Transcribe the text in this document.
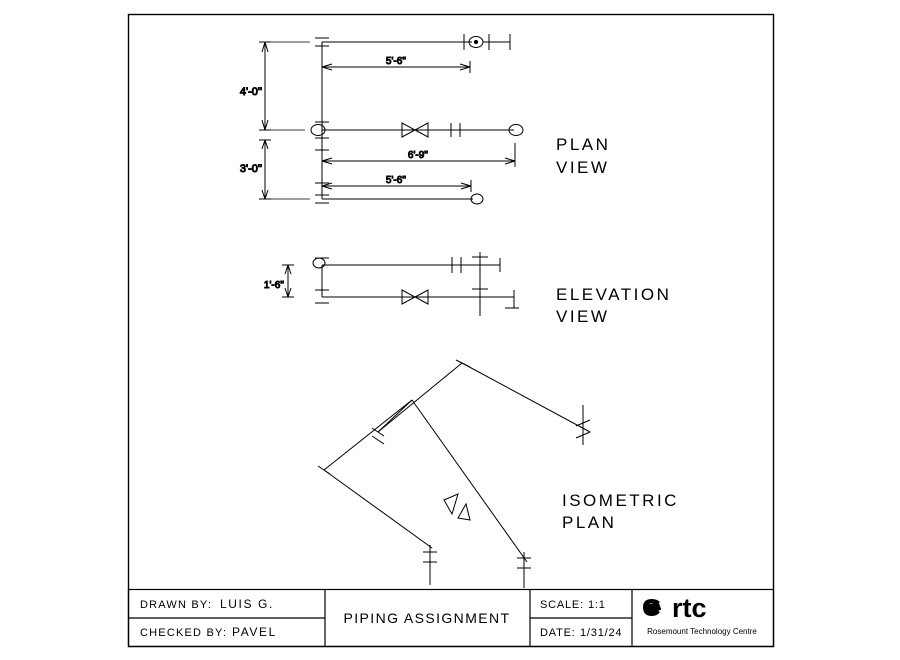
4'-0''
3'-0''
5'-6''
6'-9''
5'-6''
PLAN
VIEW
1'-6''	ELEVATION
VIEW
ISOMETRIC
PLAN
DRAWN BY: LUIS G.
CHECKED BY: PAVEL
PIPING ASSIGNMENT
SCALE: 1:1
DATE: 1/31/24
rtc
Rosemount Technology Centre
